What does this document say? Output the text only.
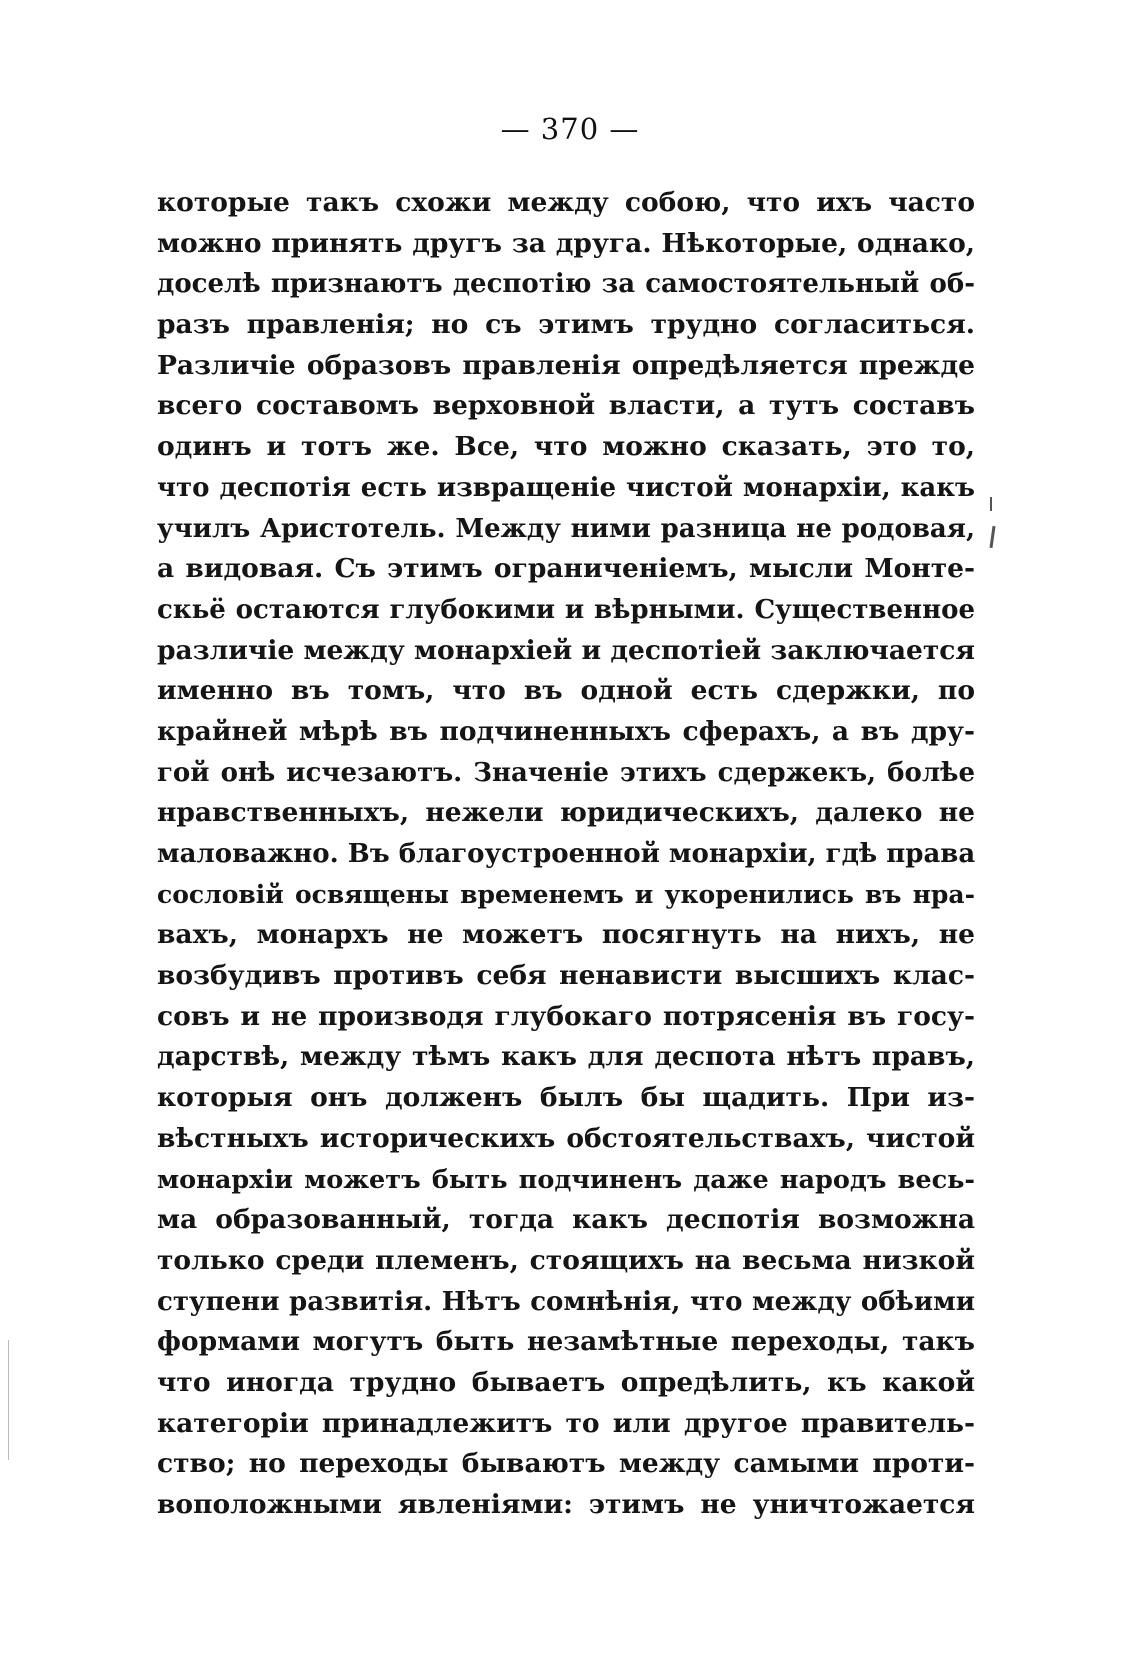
— 370 —
которые такъ схожи между собою, что ихъ часто
можно принять другъ за друга. Нѣкоторые, однако,
доселѣ признаютъ деспотію за самостоятельный об-
разъ правленія; но съ этимъ трудно согласиться.
Различіе образовъ правленія опредѣляется прежде
всего составомъ верховной власти, а тутъ составъ
одинъ и тотъ же. Все, что можно сказать, это то,
что деспотія есть извращеніе чистой монархіи, какъ
училъ Аристотель. Между ними разница не родовая,
а видовая. Съ этимъ ограниченіемъ, мысли Монте-
скьё остаются глубокими и вѣрными. Существенное
различіе между монархіей и деспотіей заключается
именно въ томъ, что въ одной есть сдержки, по
крайней мѣрѣ въ подчиненныхъ сферахъ, а въ дру-
гой онѣ исчезаютъ. Значеніе этихъ сдержекъ, болѣе
нравственныхъ, нежели юридическихъ, далеко не
маловажно. Въ благоустроенной монархіи, гдѣ права
сословій освящены временемъ и укоренились въ нра-
вахъ, монархъ не можетъ посягнуть на нихъ, не
возбудивъ противъ себя ненависти высшихъ клас-
совъ и не производя глубокаго потрясенія въ госу-
дарствѣ, между тѣмъ какъ для деспота нѣтъ правъ,
которыя онъ долженъ былъ бы щадить. При из-
вѣстныхъ историческихъ обстоятельствахъ, чистой
монархіи можетъ быть подчиненъ даже народъ весь-
ма образованный, тогда какъ деспотія возможна
только среди племенъ, стоящихъ на весьма низкой
ступени развитія. Нѣтъ сомнѣнія, что между обѣими
формами могутъ быть незамѣтные переходы, такъ
что иногда трудно бываетъ опредѣлить, къ какой
категоріи принадлежитъ то или другое правитель-
ство; но переходы бываютъ между самыми проти-
воположными явленіями: этимъ не уничтожается
